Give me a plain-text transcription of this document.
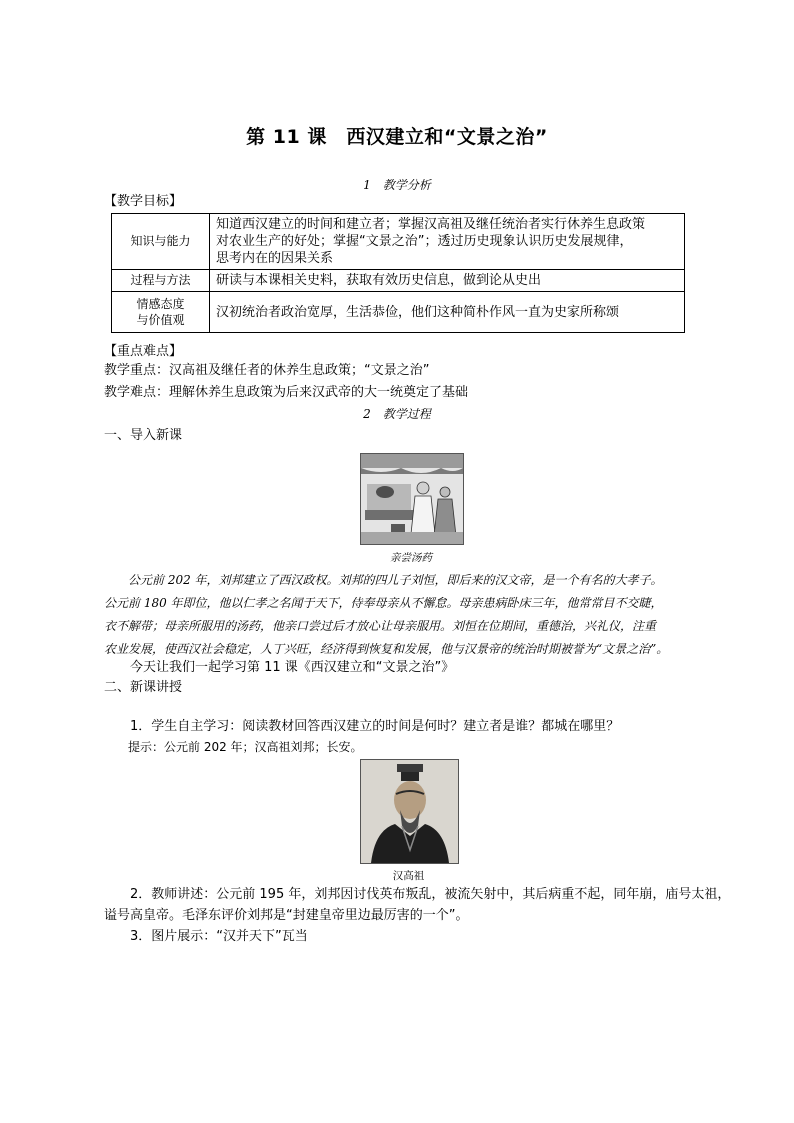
第 11 课　西汉建立和“文景之治”
1　教学分析
【教学目标】
知识与能力	知道西汉建立的时间和建立者；掌握汉高祖及继任统治者实行休养生息政策
对农业生产的好处；掌握“文景之治”；透过历史现象认识历史发展规律，
思考内在的因果关系

过程与方法	研读与本课相关史料，获取有效历史信息，做到论从史出

情感态度
与价值观	汉初统治者政治宽厚，生活恭俭，他们这种简朴作风一直为史家所称颂
【重点难点】
教学重点：汉高祖及继任者的休养生息政策；“文景之治”
教学难点：理解休养生息政策为后来汉武帝的大一统奠定了基础
2　教学过程
一、导入新课
亲尝汤药
　　公元前 202 年，刘邦建立了西汉政权。刘邦的四儿子刘恒，即后来的汉文帝，是一个有名的大孝子。
公元前 180 年即位，他以仁孝之名闻于天下，侍奉母亲从不懈怠。母亲患病卧床三年，他常常目不交睫，
衣不解带；母亲所服用的汤药，他亲口尝过后才放心让母亲服用。刘恒在位期间，重德治，兴礼仪，注重
农业发展，使西汉社会稳定，人丁兴旺，经济得到恢复和发展，他与汉景帝的统治时期被誉为“文景之治”。
　　今天让我们一起学习第 11 课《西汉建立和“文景之治”》
二、新课讲授
　　1．学生自主学习：阅读教材回答西汉建立的时间是何时？建立者是谁？都城在哪里？
　　提示：公元前 202 年；汉高祖刘邦；长安。
汉高祖
　　2．教师讲述：公元前 195 年，刘邦因讨伐英布叛乱，被流矢射中，其后病重不起，同年崩，庙号太祖，
谥号高皇帝。毛泽东评价刘邦是“封建皇帝里边最厉害的一个”。
　　3．图片展示：“汉并天下”瓦当
